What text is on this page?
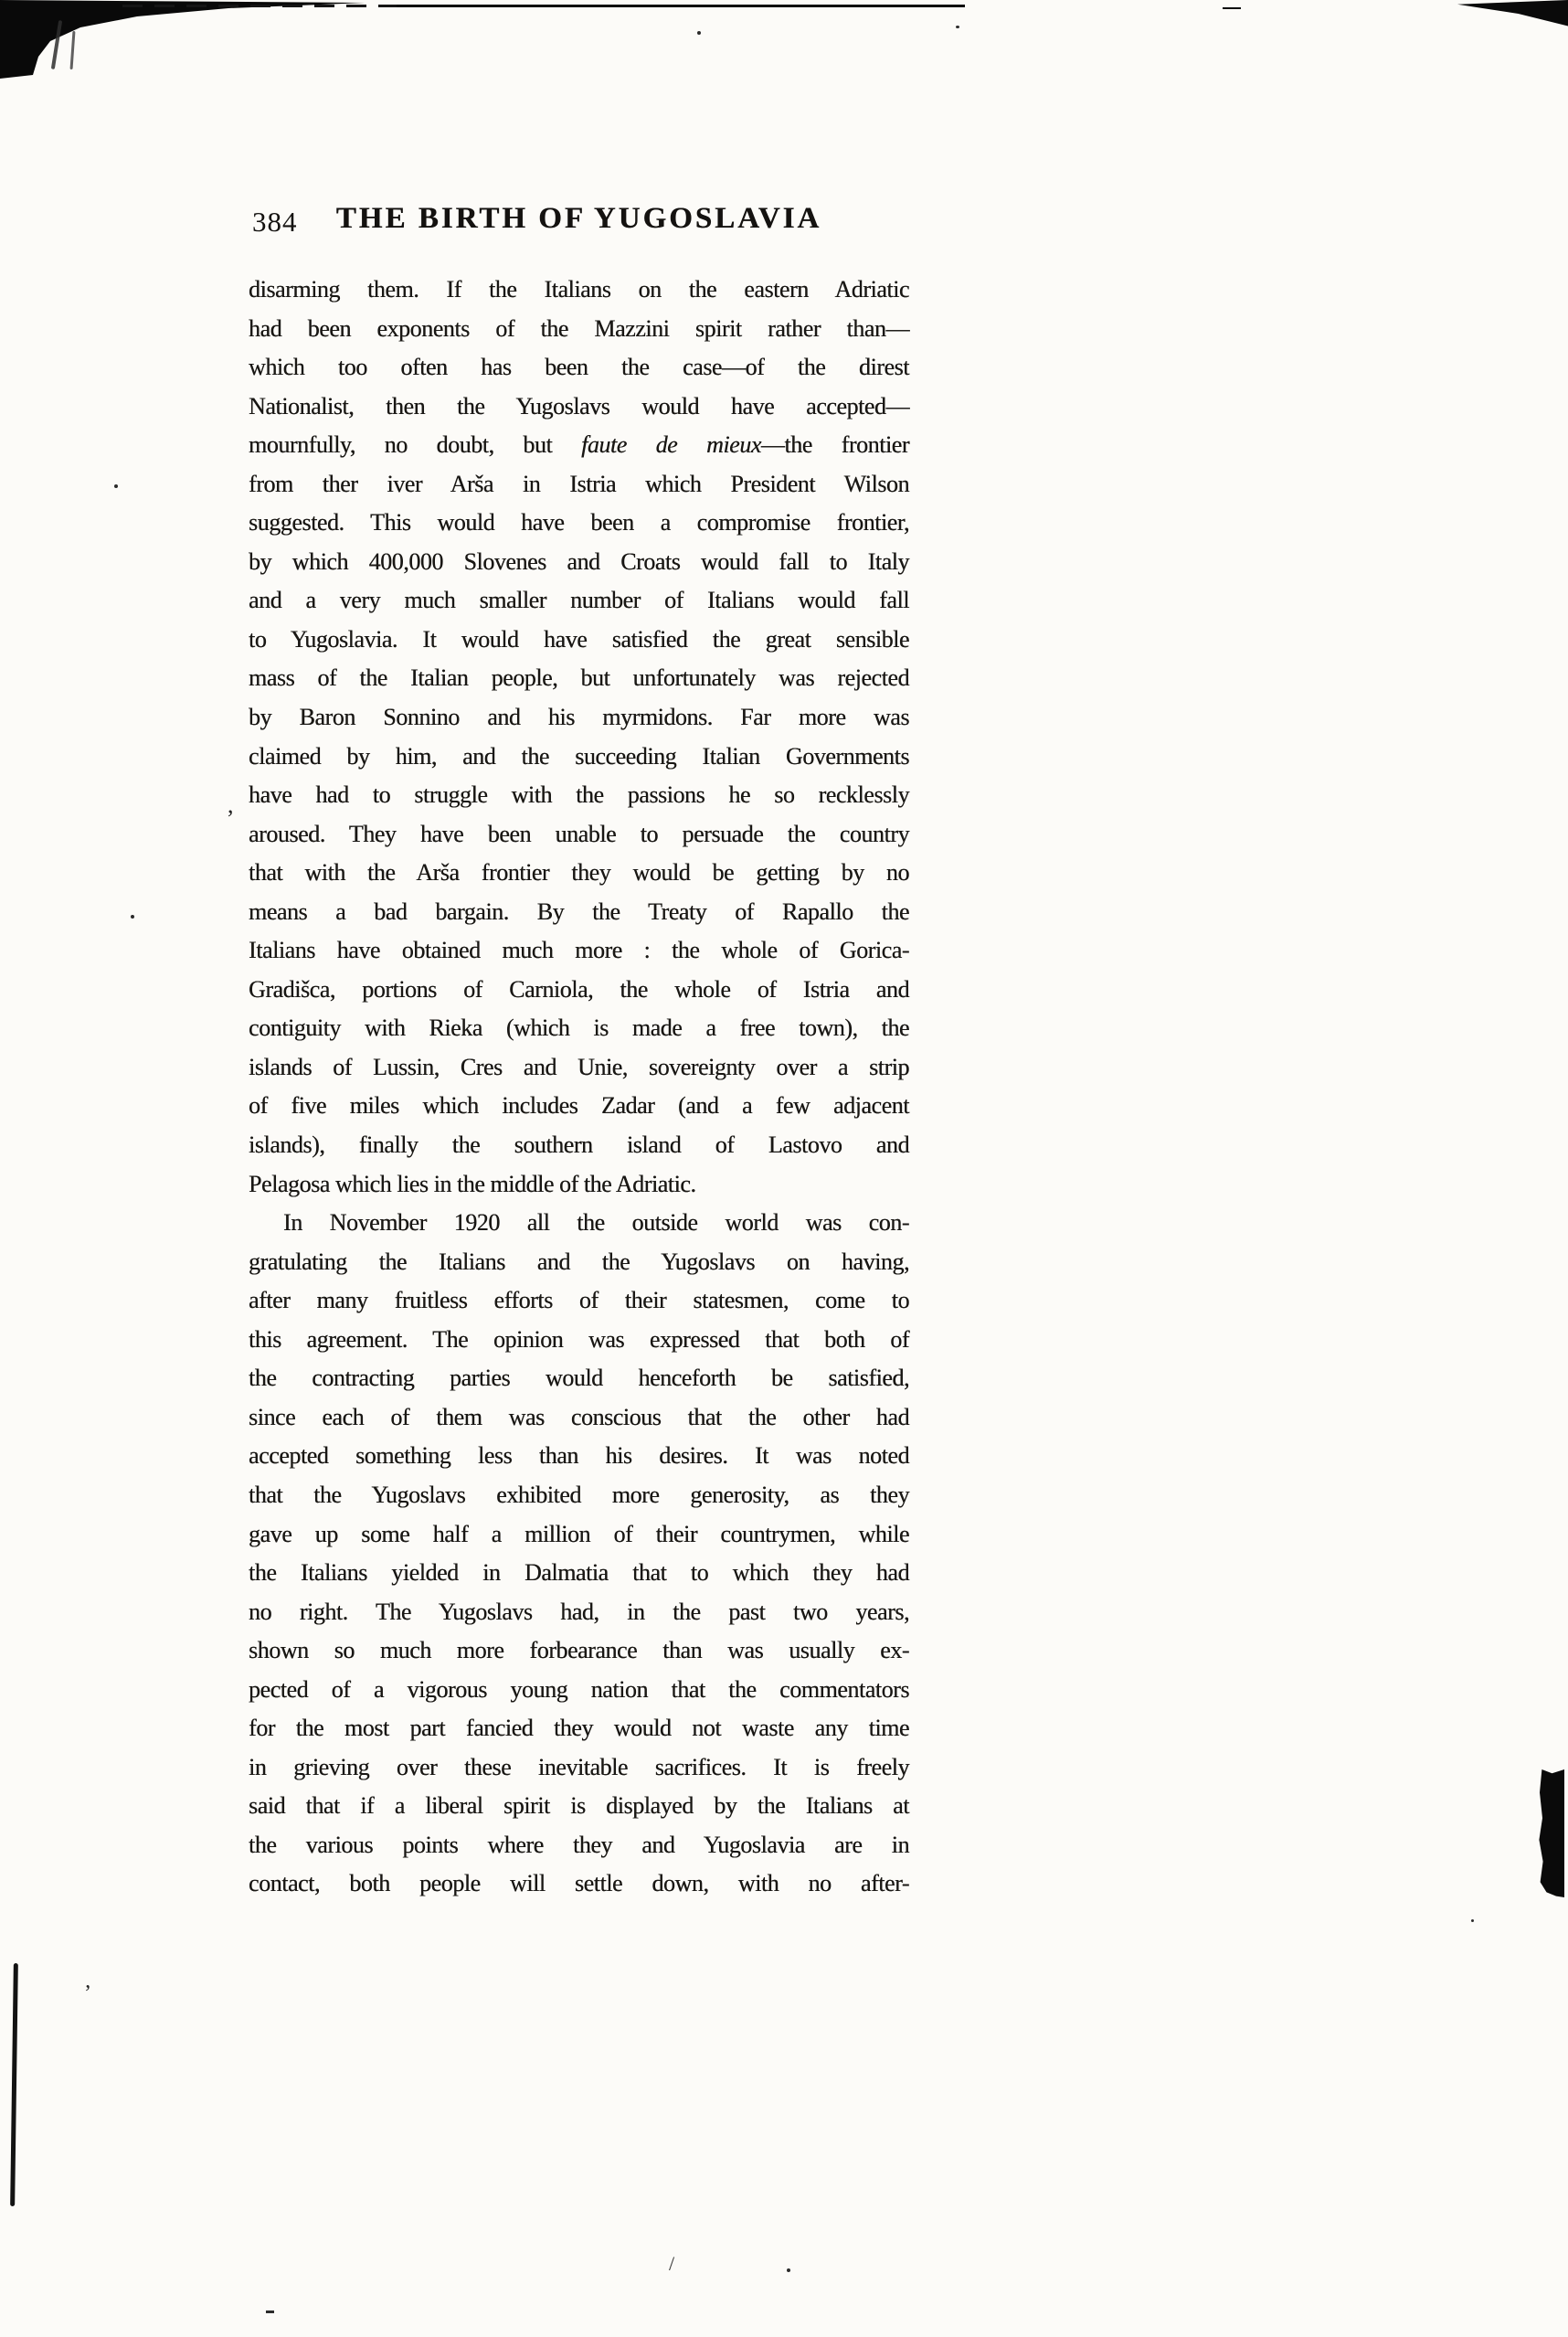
384	THE BIRTH OF YUGOSLAVIA
disarming them. If the Italians on the eastern Adriatic
had been exponents of the Mazzini spirit rather than—
which too often has been the case—of the direst
Nationalist, then the Yugoslavs would have accepted—
mournfully, no doubt, but faute de mieux—the frontier
from ther iver Arša in Istria which President Wilson
suggested. This would have been a compromise frontier,
by which 400,000 Slovenes and Croats would fall to Italy
and a very much smaller number of Italians would fall
to Yugoslavia. It would have satisfied the great sensible
mass of the Italian people, but unfortunately was rejected
by Baron Sonnino and his myrmidons. Far more was
claimed by him, and the succeeding Italian Governments
have had to struggle with the passions he so recklessly
aroused. They have been unable to persuade the country
that with the Arša frontier they would be getting by no
means a bad bargain. By the Treaty of Rapallo the
Italians have obtained much more : the whole of Gorica-
Gradišca, portions of Carniola, the whole of Istria and
contiguity with Rieka (which is made a free town), the
islands of Lussin, Cres and Unie, sovereignty over a strip
of five miles which includes Zadar (and a few adjacent
islands), finally the southern island of Lastovo and
Pelagosa which lies in the middle of the Adriatic.
In November 1920 all the outside world was con-
gratulating the Italians and the Yugoslavs on having,
after many fruitless efforts of their statesmen, come to
this agreement. The opinion was expressed that both of
the contracting parties would henceforth be satisfied,
since each of them was conscious that the other had
accepted something less than his desires. It was noted
that the Yugoslavs exhibited more generosity, as they
gave up some half a million of their countrymen, while
the Italians yielded in Dalmatia that to which they had
no right. The Yugoslavs had, in the past two years,
shown so much more forbearance than was usually ex-
pected of a vigorous young nation that the commentators
for the most part fancied they would not waste any time
in grieving over these inevitable sacrifices. It is freely
said that if a liberal spirit is displayed by the Italians at
the various points where they and Yugoslavia are in
contact, both people will settle down, with no after-
,
’
/
